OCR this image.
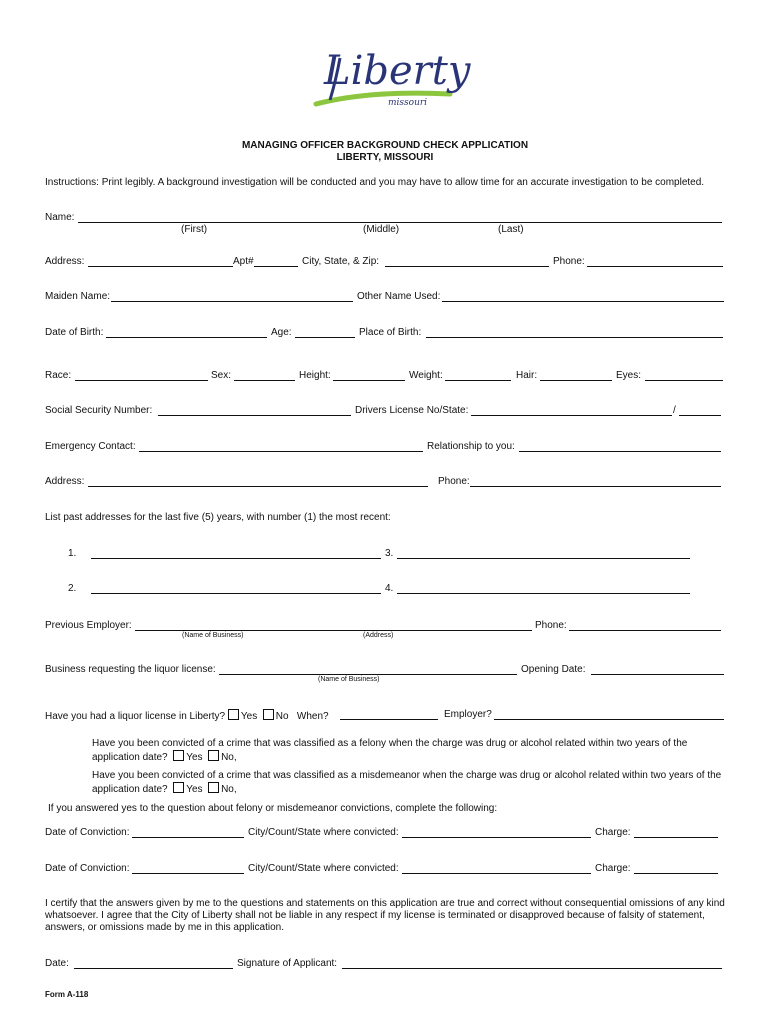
Liberty
missouri
MANAGING OFFICER BACKGROUND CHECK APPLICATION
LIBERTY, MISSOURI
Instructions: Print legibly. A background investigation will be conducted and you may have to allow time for an accurate investigation to be completed.
Name:
(First)	(Middle)	(Last)
Address:	Apt#	City, State, & Zip:	Phone:
Maiden Name:	Other Name Used:
Date of Birth:	Age:	Place of Birth:
Race:	Sex:	Height:	Weight:	Hair:	Eyes:
Social Security Number:	Drivers License No/State:	/
Emergency Contact:	Relationship to you:
Address:	Phone:
List past addresses for the last five (5) years, with number (1) the most recent:
1.	3.
2.	4.
Previous Employer:	Phone:
(Name of Business)	(Address)
Business requesting the liquor license:	Opening Date:
(Name of Business)
Have you had a liquor license in Liberty? Yes No When?	Employer?
Have you been convicted of a crime that was classified as a felony when the charge was drug or alcohol related within two years of the
application date? Yes No,
Have you been convicted of a crime that was classified as a misdemeanor when the charge was drug or alcohol related within two years of the
application date? Yes No,
If you answered yes to the question about felony or misdemeanor convictions, complete the following:
Date of Conviction:	City/Count/State where convicted:	Charge:
Date of Conviction:	City/Count/State where convicted:	Charge:
I certify that the answers given by me to the questions and statements on this application are true and correct without consequential omissions of any kind whatsoever. I agree that the City of Liberty shall not be liable in any respect if my license is terminated or disapproved because of falsity of statement, answers, or omissions made by me in this application.
Date:	Signature of Applicant:
Form A-118
